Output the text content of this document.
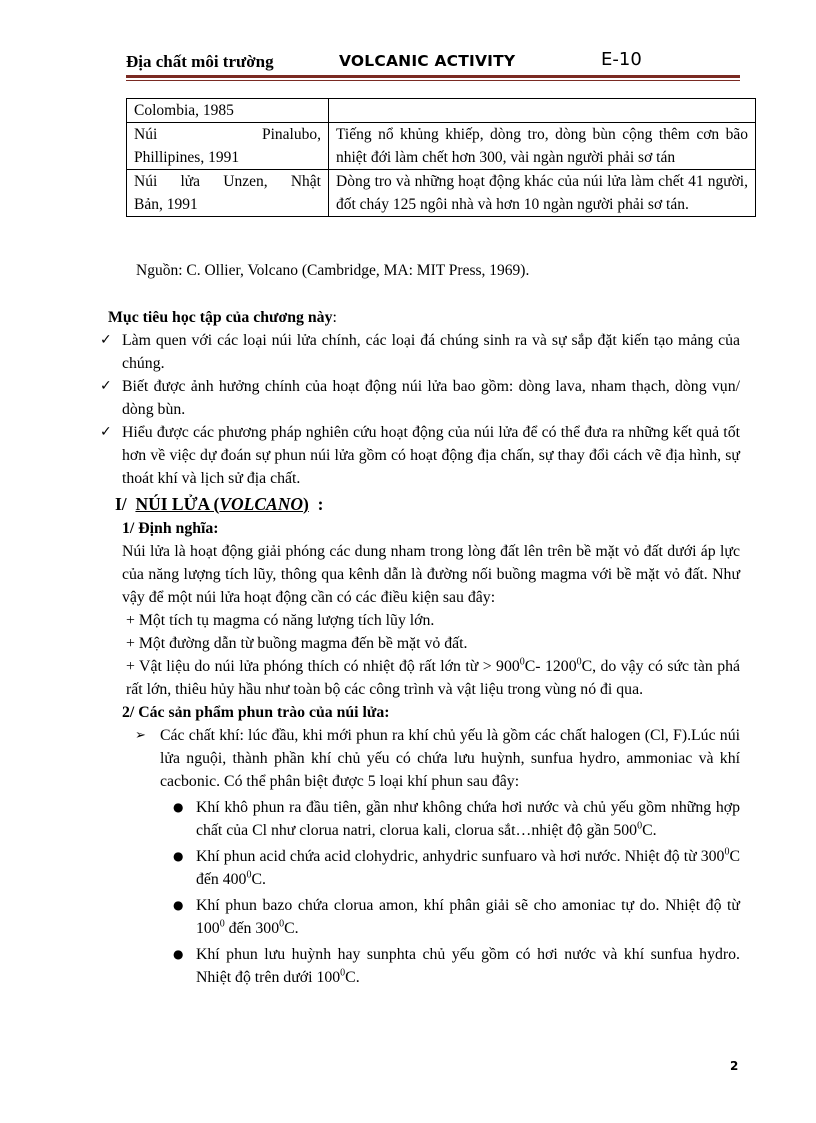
Địa chất môi trường	VOLCANIC ACTIVITY	E-10
Colombia, 1985	

Núi Pinalubo,
Phillipines, 1991	Tiếng nổ khủng khiếp, dòng tro, dòng bùn cộng thêm cơn bão nhiệt đới làm chết hơn 300, vài ngàn người phải sơ tán

Núi lửa Unzen, Nhật
Bản, 1991	Dòng tro và những hoạt động khác của núi lửa làm chết 41 người, đốt cháy 125 ngôi nhà và hơn 10 ngàn người phải sơ tán.
Nguồn: C. Ollier, Volcano (Cambridge, MA: MIT Press, 1969).
Mục tiêu học tập của chương này:
✓ Làm quen với các loại núi lửa chính, các loại đá chúng sinh ra và sự sắp đặt kiến tạo mảng của chúng.
✓ Biết được ảnh hưởng chính của hoạt động núi lửa bao gồm: dòng lava, nham thạch, dòng vụn/ dòng bùn.
✓ Hiểu được các phương pháp nghiên cứu hoạt động của núi lửa để có thể đưa ra những kết quả tốt hơn về việc dự đoán sự phun núi lửa gồm có hoạt động địa chấn, sự thay đổi cách vẽ địa hình, sự thoát khí và lịch sử địa chất.
I/ NÚI LỬA (VOLCANO) :
1/ Định nghĩa:
Núi lửa là hoạt động giải phóng các dung nham trong lòng đất lên trên bề mặt vỏ đất dưới áp lực của năng lượng tích lũy, thông qua kênh dẫn là đường nối buồng magma với bề mặt vỏ đất. Như vậy để một núi lửa hoạt động cần có các điều kiện sau đây:
+ Một tích tụ magma có năng lượng tích lũy lớn.
+ Một đường dẫn từ buồng magma đến bề mặt vỏ đất.
+ Vật liệu do núi lửa phóng thích có nhiệt độ rất lớn từ > $900^0C-$ 1200$^0$C, do vậy có sức tàn phá rất lớn, thiêu hủy hầu như toàn bộ các công trình và vật liệu trong vùng nó đi qua.
2/ Các sản phẩm phun trào của núi lửa:
➢ Các chất khí: lúc đầu, khi mới phun ra khí chủ yếu là gồm các chất halogen (Cl, F).Lúc núi lửa nguội, thành phần khí chủ yếu có chứa lưu huỳnh, sunfua hydro, ammoniac và khí cacbonic. Có thể phân biệt được 5 loại khí phun sau đây:
● Khí khô phun ra đầu tiên, gần như không chứa hơi nước và chủ yếu gồm những hợp chất của Cl như clorua natri, clorua kali, clorua sắt…nhiệt độ gần $500^0C$.
● Khí phun acid chứa acid clohydric, anhydric sunfuaro và hơi nước. Nhiệt độ từ $300^0C$ đến $400^0C$.
● Khí phun bazo chứa clorua amon, khí phân giải sẽ cho amoniac tự do. Nhiệt độ từ $100^0$ đến $300^0C$.
● Khí phun lưu huỳnh hay sunphta chủ yếu gồm có hơi nước và khí sunfua hydro. Nhiệt độ trên dưới $100^0C$.
2
